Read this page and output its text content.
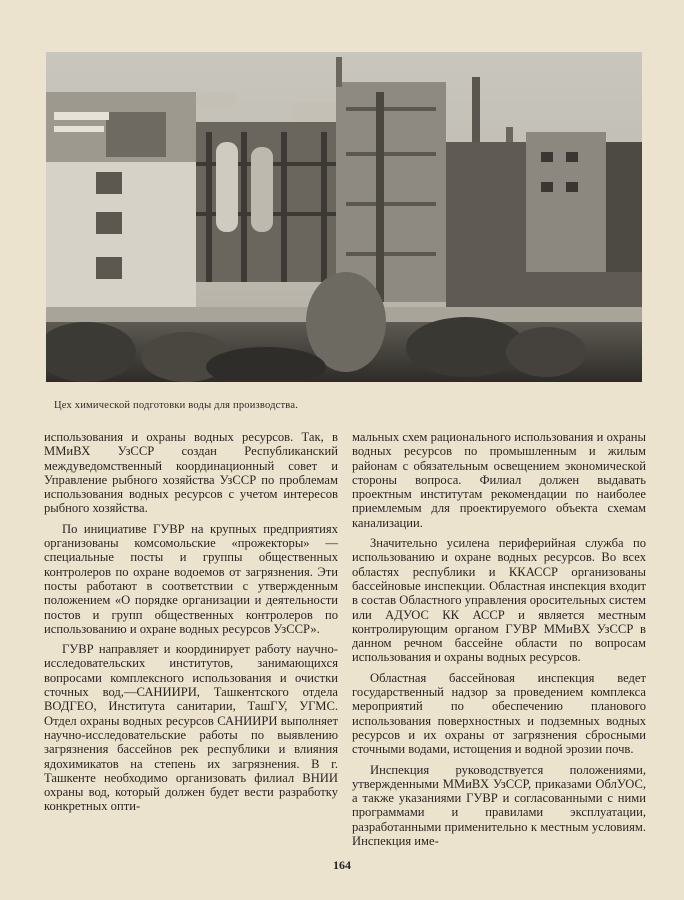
Цех химической подготовки воды для производства.

использования и охраны водных ресурсов. Так, в ММиВХ УзССР создан Республиканский междуведомственный координационный совет и Управление рыбного хозяйства УзССР по проблемам использования водных ресурсов с учетом интересов рыбного хозяйства.

По инициативе ГУВР на крупных предприятиях организованы комсомольские «прожекторы» — специальные посты и группы общественных контролеров по охране водоемов от загрязнения. Эти посты работают в соответствии с утвержденным положением «О порядке организации и деятельности постов и групп общественных контролеров по использованию и охране водных ресурсов УзССР».

ГУВР направляет и координирует работу научно-исследовательских институтов, занимающихся вопросами комплексного использования и очистки сточных вод,—САНИИРИ, Ташкентского отдела ВОДГЕО, Института санитарии, ТашГУ, УГМС. Отдел охраны водных ресурсов САНИИРИ выполняет научно-исследовательские работы по выявлению загрязнения бассейнов рек республики и влияния ядохимикатов на степень их загрязнения. В г. Ташкенте необходимо организовать филиал ВНИИ охраны вод, который должен будет вести разработку конкретных опти-

мальных схем рационального использования и охраны водных ресурсов по промышленным и жилым районам с обязательным освещением экономической стороны вопроса. Филиал должен выдавать проектным институтам рекомендации по наиболее приемлемым для проектируемого объекта схемам канализации.

Значительно усилена периферийная служба по использованию и охране водных ресурсов. Во всех областях республики и ККАССР организованы бассейновые инспекции. Областная инспекция входит в состав Областного управления оросительных систем или АДУОС КК АССР и является местным контролирующим органом ГУВР ММиВХ УзССР в данном речном бассейне области по вопросам использования и охраны водных ресурсов.

Областная бассейновая инспекция ведет государственный надзор за проведением комплекса мероприятий по обеспечению планового использования поверхностных и подземных водных ресурсов и их охраны от загрязнения сбросными сточными водами, истощения и водной эрозии почв.

Инспекция руководствуется положениями, утвержденными ММиВХ УзССР, приказами ОблУОС, а также указаниями ГУВР и согласованными с ними программами и правилами эксплуатации, разработанными применительно к местным условиям. Инспекция име-

164
